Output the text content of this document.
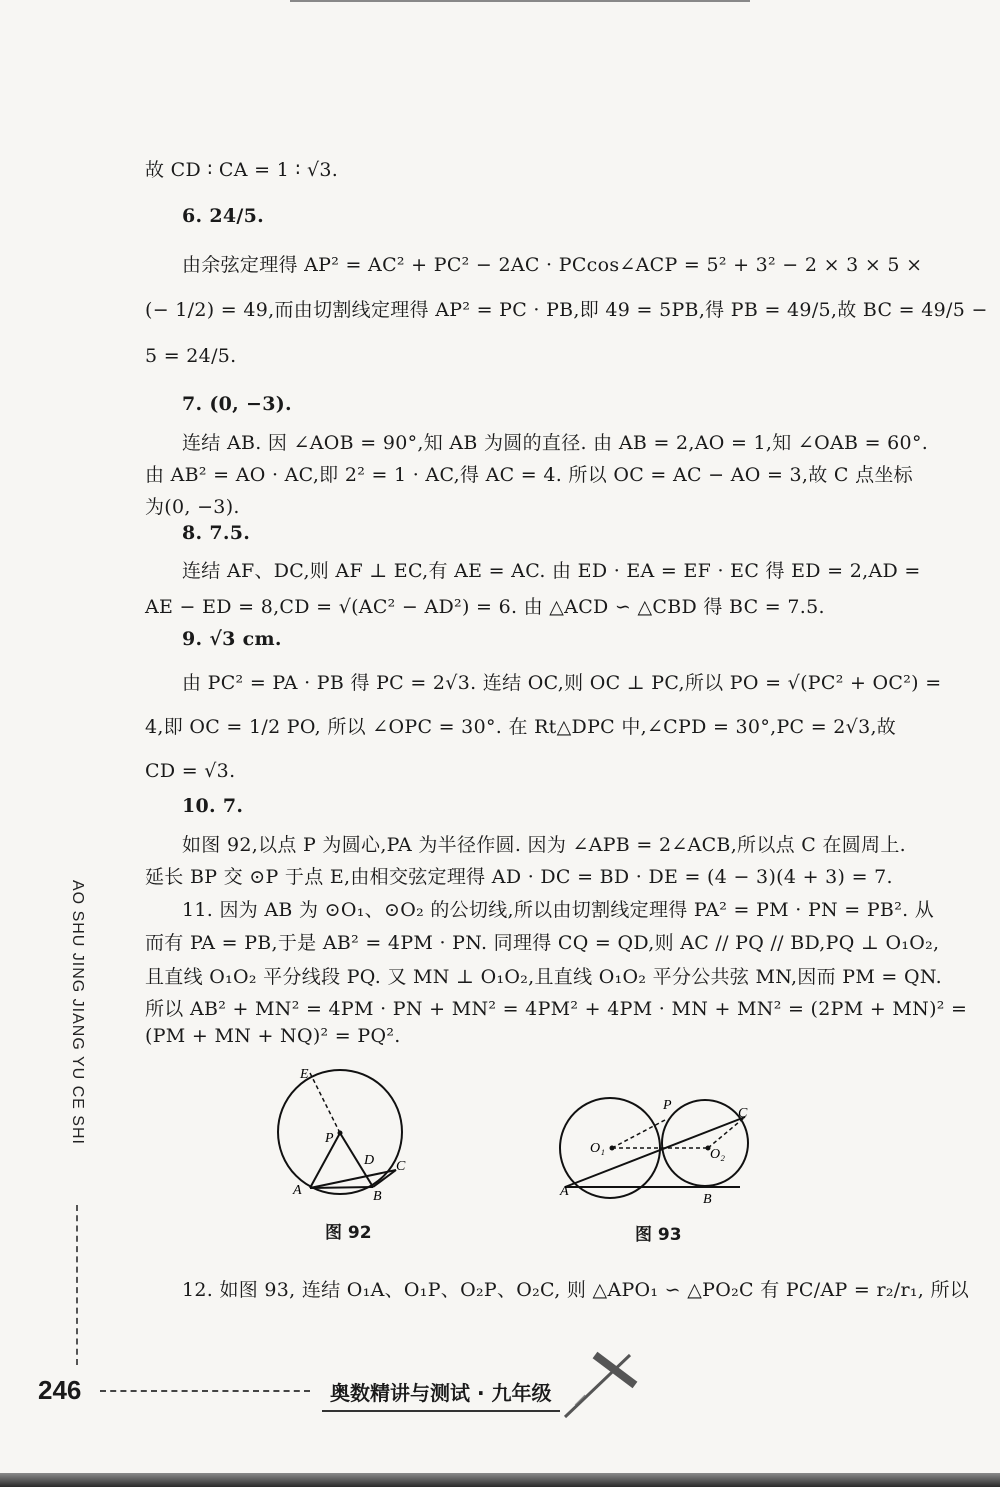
故 CD ∶ CA = 1 ∶ √3.
6. 24/5.
由余弦定理得 AP² = AC² + PC² − 2AC · PCcos∠ACP = 5² + 3² − 2 × 3 × 5 ×
(− 1/2) = 49,而由切割线定理得 AP² = PC · PB,即 49 = 5PB,得 PB = 49/5,故 BC = 49/5 −
5 = 24/5.
7. (0, −3).
连结 AB. 因 ∠AOB = 90°,知 AB 为圆的直径. 由 AB = 2,AO = 1,知 ∠OAB = 60°.
由 AB² = AO · AC,即 2² = 1 · AC,得 AC = 4. 所以 OC = AC − AO = 3,故 C 点坐标
为(0, −3).
8. 7.5.
连结 AF、DC,则 AF ⊥ EC,有 AE = AC. 由 ED · EA = EF · EC 得 ED = 2,AD =
AE − ED = 8,CD = √(AC² − AD²) = 6. 由 △ACD ∽ △CBD 得 BC = 7.5.
9. √3 cm.
由 PC² = PA · PB 得 PC = 2√3. 连结 OC,则 OC ⊥ PC,所以 PO = √(PC² + OC²) =
4,即 OC = 1/2 PO, 所以 ∠OPC = 30°. 在 Rt△DPC 中,∠CPD = 30°,PC = 2√3,故
CD = √3.
10. 7.
如图 92,以点 P 为圆心,PA 为半径作圆. 因为 ∠APB = 2∠ACB,所以点 C 在圆周上.
延长 BP 交 ⊙P 于点 E,由相交弦定理得 AD · DC = BD · DE = (4 − 3)(4 + 3) = 7.
11. 因为 AB 为 ⊙O₁、⊙O₂ 的公切线,所以由切割线定理得 PA² = PM · PN = PB². 从
而有 PA = PB,于是 AB² = 4PM · PN. 同理得 CQ = QD,则 AC // PQ // BD,PQ ⊥ O₁O₂,
且直线 O₁O₂ 平分线段 PQ. 又 MN ⊥ O₁O₂,且直线 O₁O₂ 平分公共弦 MN,因而 PM = QN.
所以 AB² + MN² = 4PM · PN + MN² = 4PM² + 4PM · MN + MN² = (2PM + MN)² =
(PM + MN + NQ)² = PQ².
E
P
D C
A	B
图 92
O₁	O₂
P
C
A
B
图 93
12. 如图 93, 连结 O₁A、O₁P、O₂P、O₂C, 则 △APO₁ ∽ △PO₂C 有 PC/AP = r₂/r₁, 所以
AO SHU JING JIANG YU CE SHI
246	奥数精讲与测试 · 九年级
